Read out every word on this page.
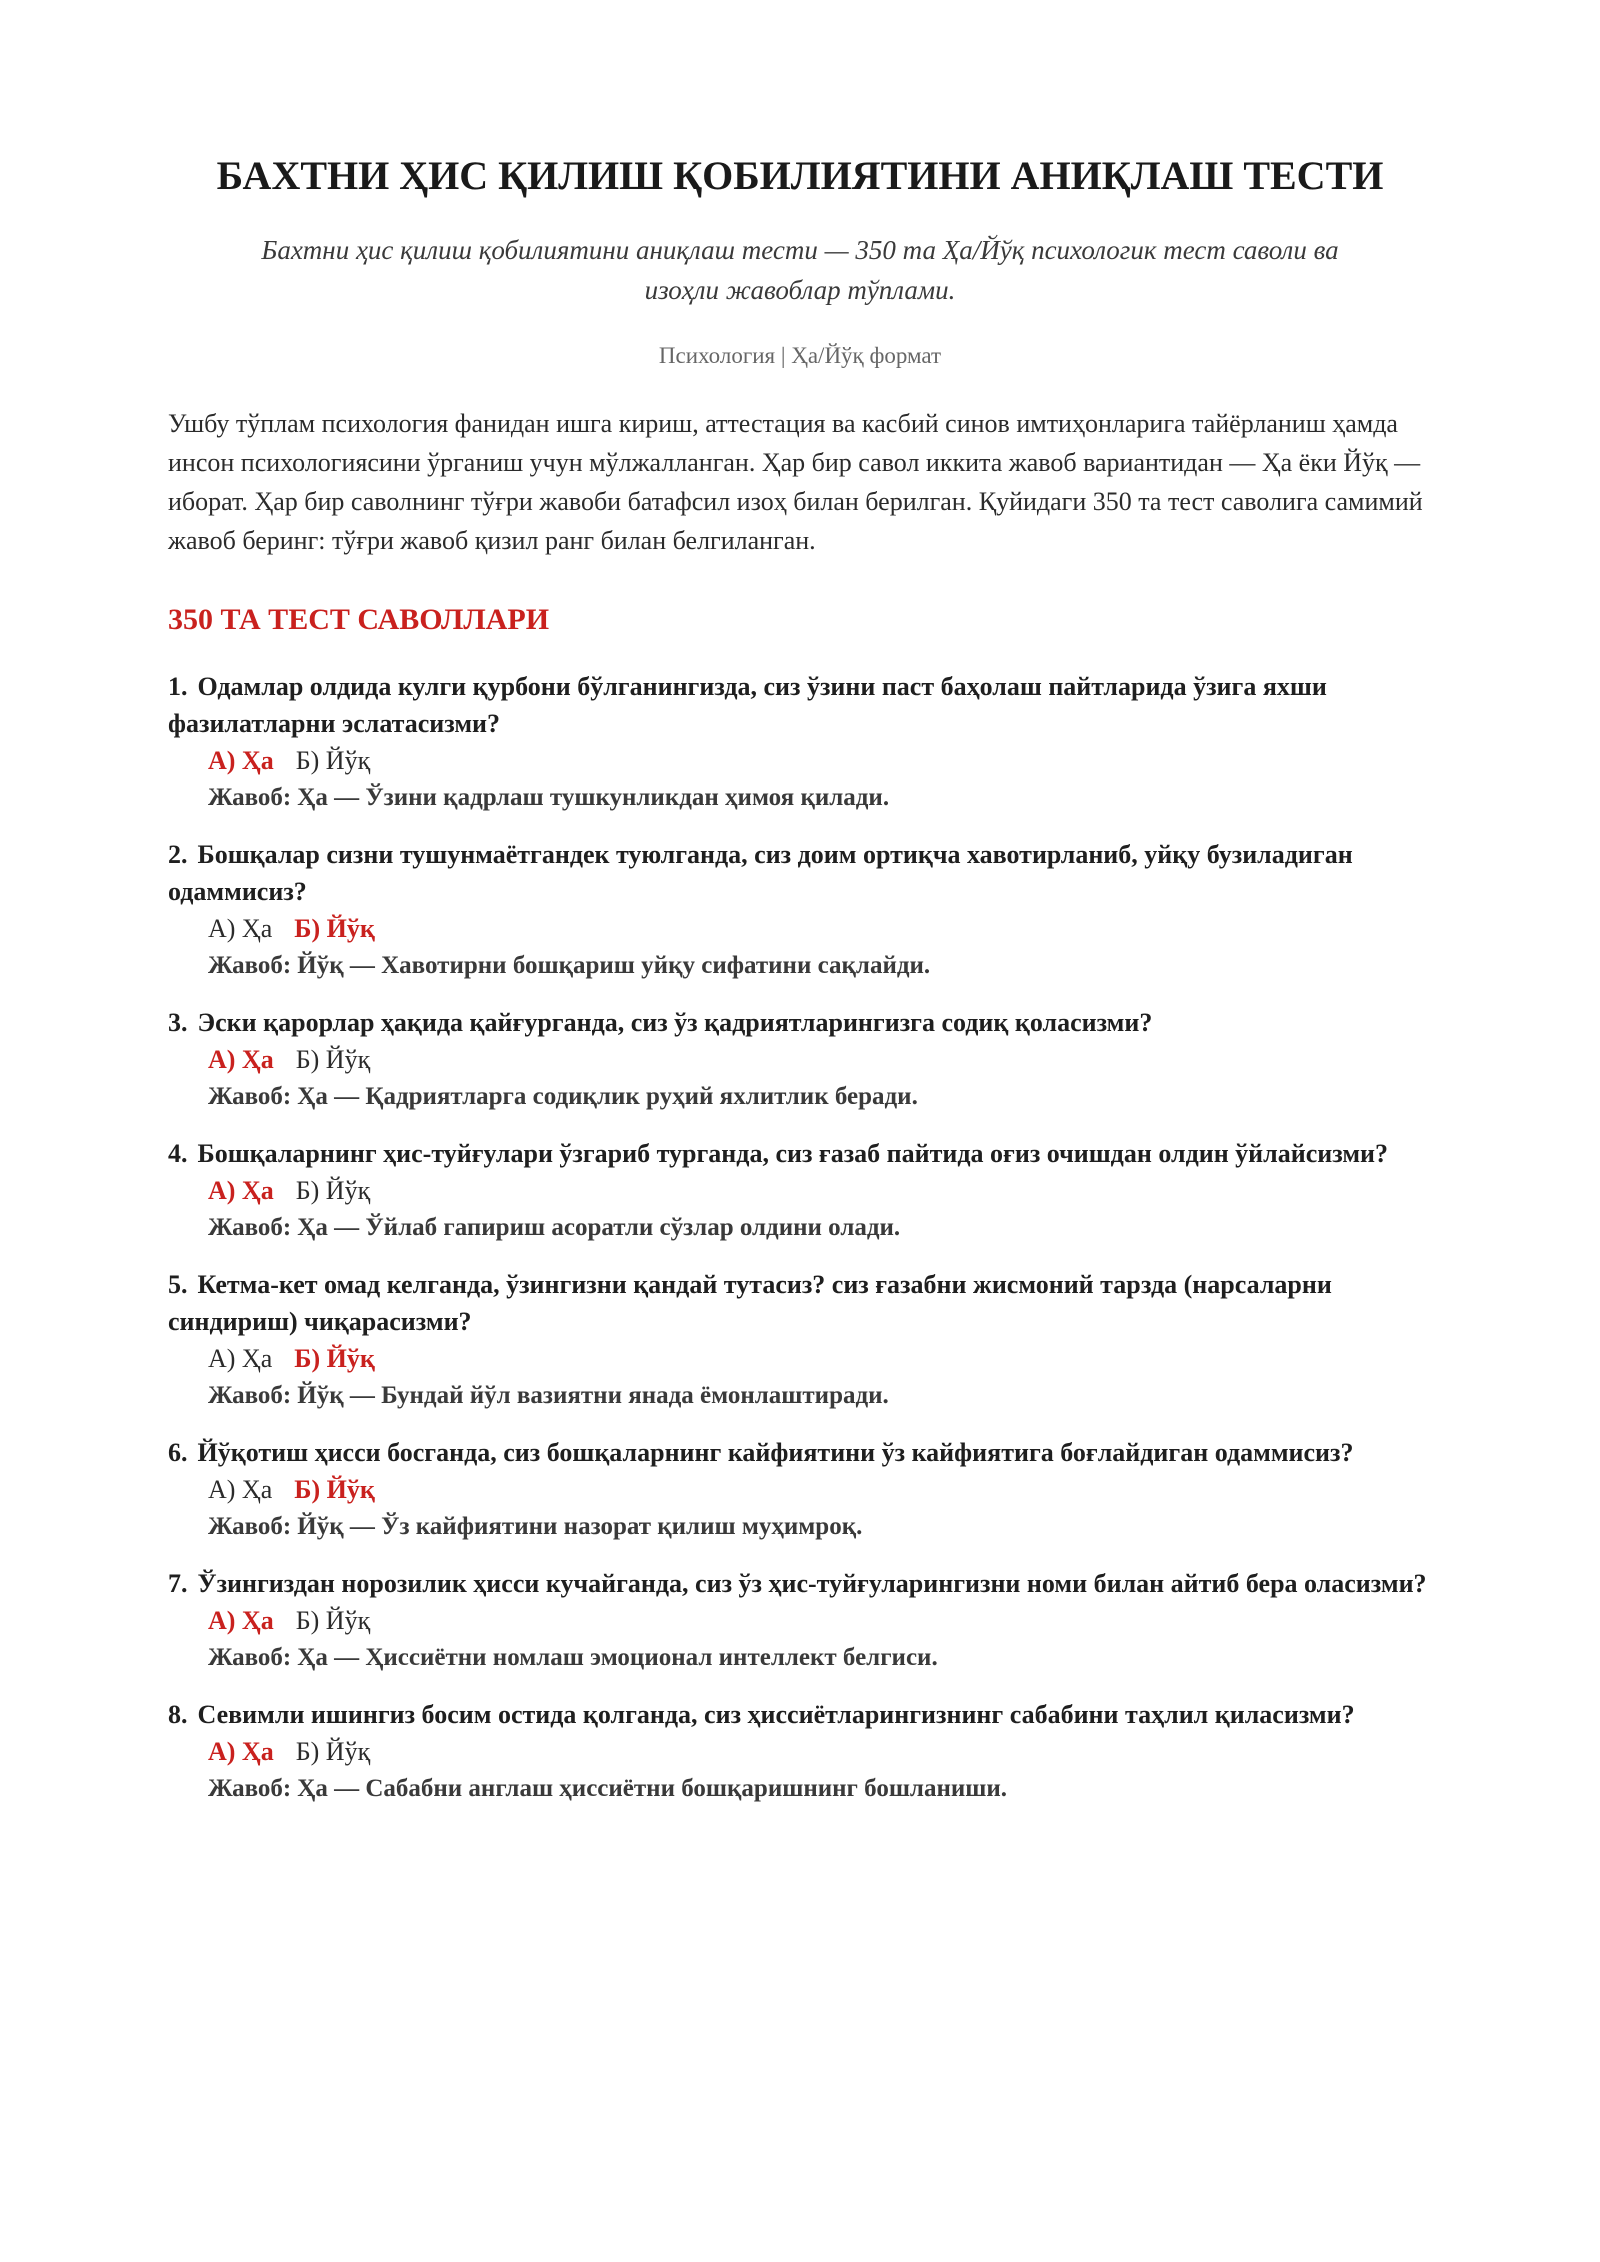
БАХТНИ ҲИС ҚИЛИШ ҚОБИЛИЯТИНИ АНИҚЛАШ ТЕСТИ
Бахтни ҳис қилиш қобилиятини аниқлаш тести — 350 та Ҳа/Йўқ психологик тест саволи ва изоҳли жавоблар тўплами.
Психология | Ҳа/Йўқ формат
Ушбу тўплам психология фанидан ишга кириш, аттестация ва касбий синов имтиҳонларига тайёрланиш ҳамда инсон психологиясини ўрганиш учун мўлжалланган. Ҳар бир савол иккита жавоб вариантидан — Ҳа ёки Йўқ — иборат. Ҳар бир саволнинг тўғри жавоби батафсил изоҳ билан берилган. Қуйидаги 350 та тест саволига самимий жавоб беринг: тўғри жавоб қизил ранг билан белгиланган.
350 ТА ТЕСТ САВОЛЛАРИ
1. Одамлар олдида кулги қурбони бўлганингизда, сиз ўзини паст баҳолаш пайтларида ўзига яхши фазилатларни эслатасизми?
А) Ҳа Б) Йўқ
Жавоб: Ҳа — Ўзини қадрлаш тушкунликдан ҳимоя қилади.
2. Бошқалар сизни тушунмаётгандек туюлганда, сиз доим ортиқча хавотирланиб, уйқу бузиладиган одаммисиз?
А) Ҳа Б) Йўқ
Жавоб: Йўқ — Хавотирни бошқариш уйқу сифатини сақлайди.
3. Эски қарорлар ҳақида қайғурганда, сиз ўз қадриятларингизга содиқ қоласизми?
А) Ҳа Б) Йўқ
Жавоб: Ҳа — Қадриятларга содиқлик руҳий яхлитлик беради.
4. Бошқаларнинг ҳис-туйғулари ўзгариб турганда, сиз ғазаб пайтида оғиз очишдан олдин ўйлайсизми?
А) Ҳа Б) Йўқ
Жавоб: Ҳа — Ўйлаб гапириш асоратли сўзлар олдини олади.
5. Кетма-кет омад келганда, ўзингизни қандай тутасиз? сиз ғазабни жисмоний тарзда (нарсаларни синдириш) чиқарасизми?
А) Ҳа Б) Йўқ
Жавоб: Йўқ — Бундай йўл вазиятни янада ёмонлаштиради.
6. Йўқотиш ҳисси босганда, сиз бошқаларнинг кайфиятини ўз кайфиятига боғлайдиган одаммисиз?
А) Ҳа Б) Йўқ
Жавоб: Йўқ — Ўз кайфиятини назорат қилиш муҳимроқ.
7. Ўзингиздан норозилик ҳисси кучайганда, сиз ўз ҳис-туйғуларингизни номи билан айтиб бера оласизми?
А) Ҳа Б) Йўқ
Жавоб: Ҳа — Ҳиссиётни номлаш эмоционал интеллект белгиси.
8. Севимли ишингиз босим остида қолганда, сиз ҳиссиётларингизнинг сабабини таҳлил қиласизми?
А) Ҳа Б) Йўқ
Жавоб: Ҳа — Сабабни англаш ҳиссиётни бошқаришнинг бошланиши.
